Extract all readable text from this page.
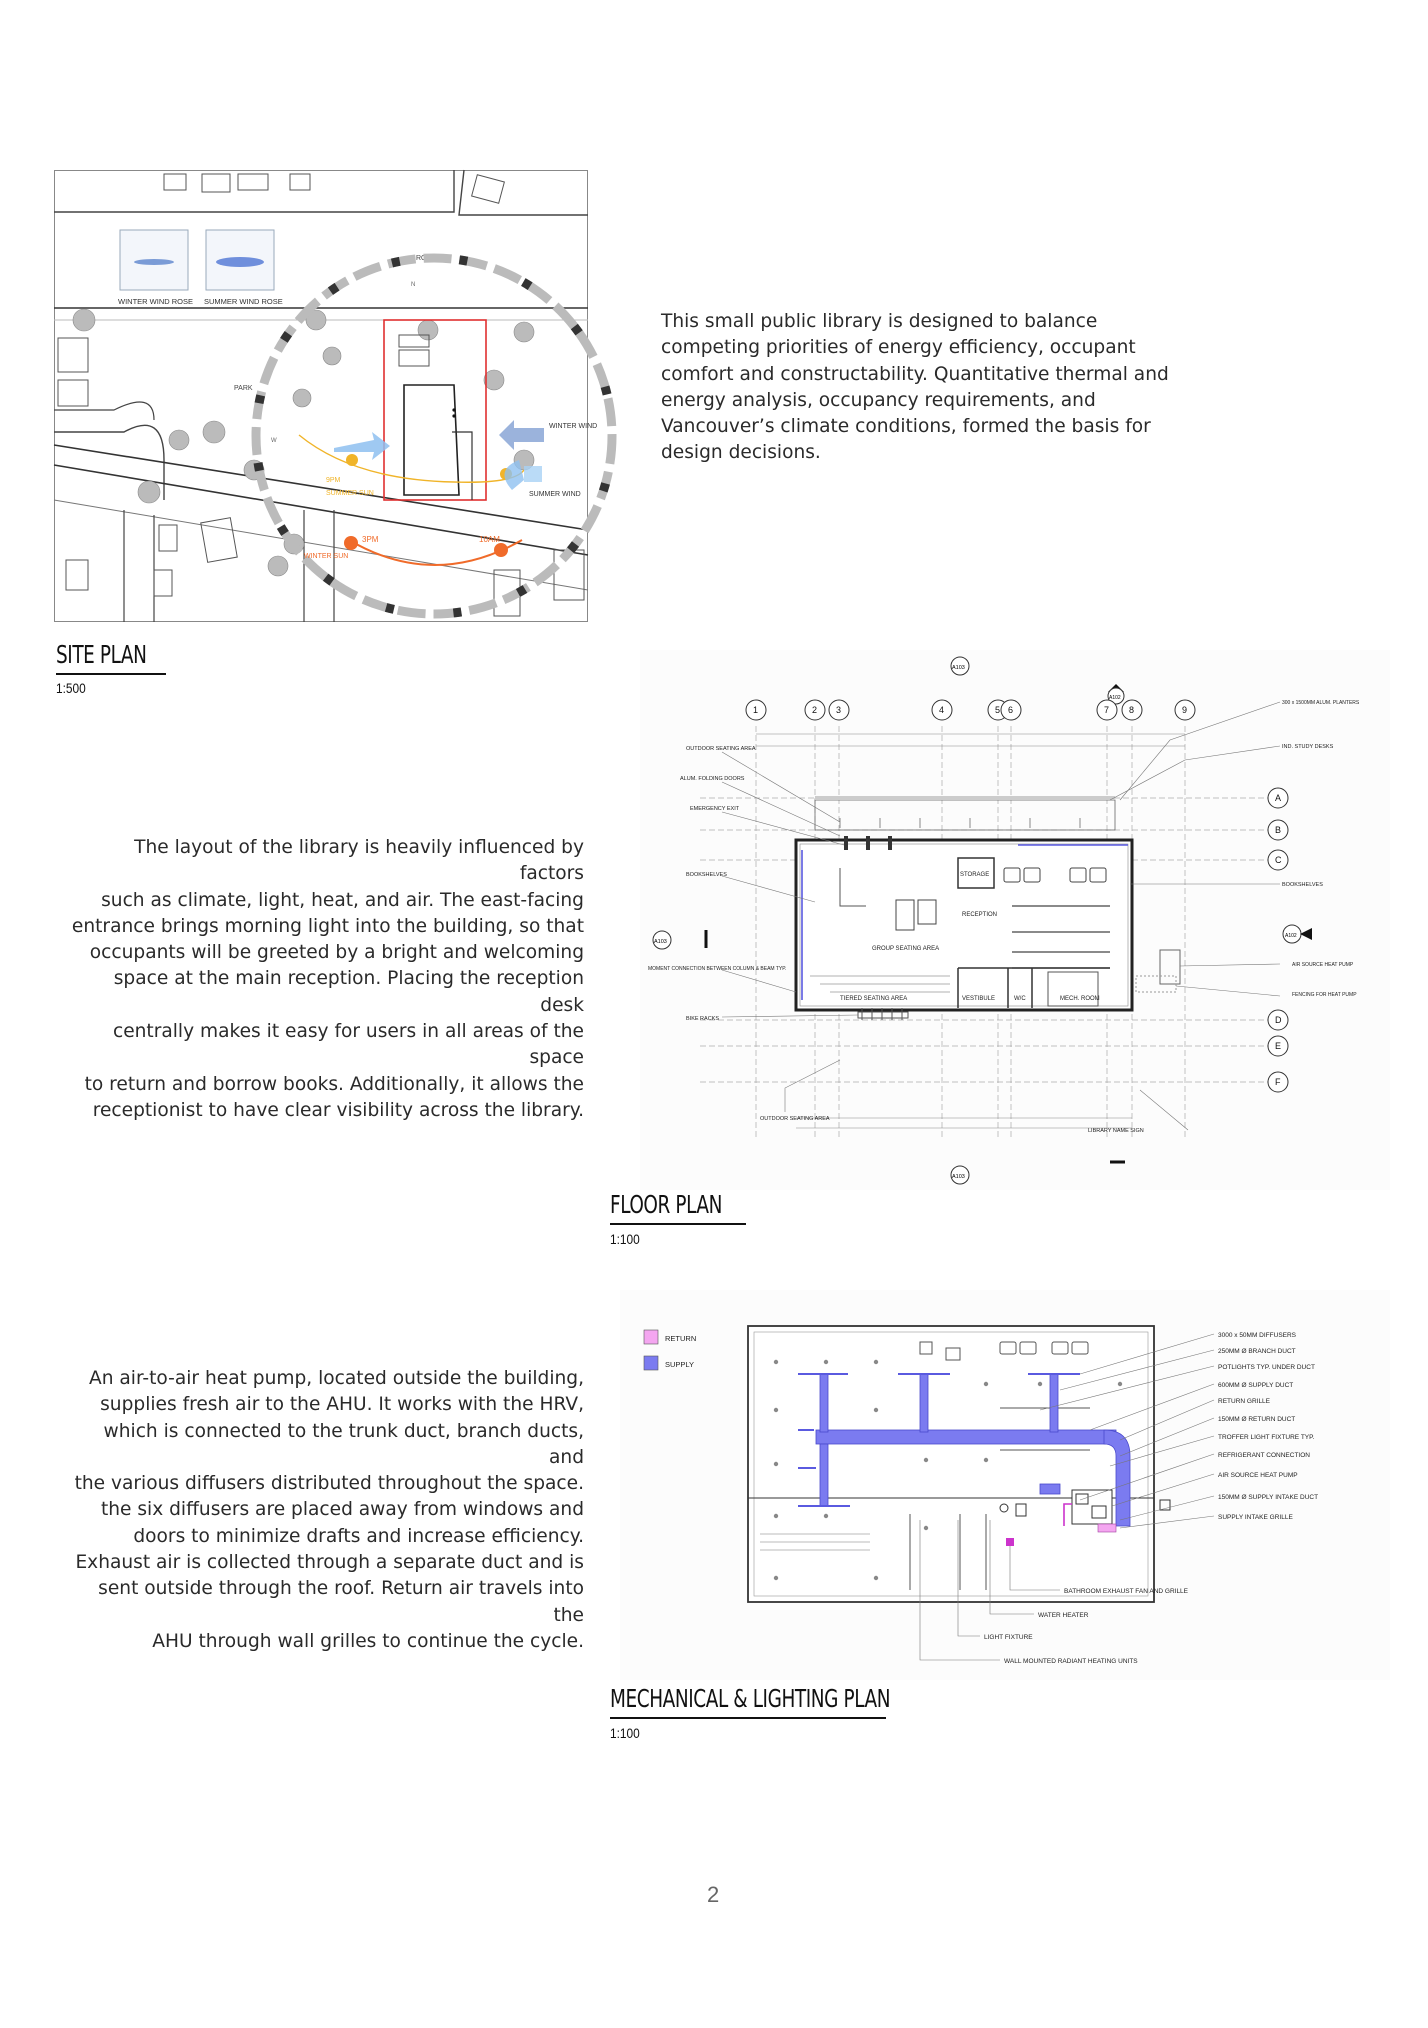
This small public library is designed to balance
competing priorities of energy efficiency, occupant
comfort and constructability. Quantitative thermal and
energy analysis, occupancy requirements, and
Vancouver’s climate conditions, formed the basis for
design decisions.
WINTER WIND ROSE SUMMER WIND ROSE
ROAD
N
PARK
W
9PM
SUMMER SUN
3PM	10AM
WINTER SUN
WINTER WIND
SUMMER WIND
SITE PLAN
1:500
The layout of the library is heavily influenced by factors
such as climate, light, heat, and air. The east-facing
entrance brings morning light into the building, so that
occupants will be greeted by a bright and welcoming
space at the main reception. Placing the reception desk
centrally makes it easy for users in all areas of the space
to return and borrow books. Additionally, it allows the
receptionist to have clear visibility across the library.
A103
A102
A103
A102
A103
1	2 3	4	5 6	7 8	9
A
B
C
D
E
F
STORAGE
RECEPTION
GROUP SEATING AREA
TIERED SEATING AREA	VESTIBULE	W/C	MECH. ROOM
OUTDOOR SEATING AREA
ALUM. FOLDING DOORS
EMERGENCY EXIT
BOOKSHELVES
MOMENT CONNECTION BETWEEN COLUMN & BEAM TYP.
BIKE RACKS
OUTDOOR SEATING AREA
300 x 1500MM ALUM. PLANTERS
IND. STUDY DESKS
BOOKSHELVES
AIR SOURCE HEAT PUMP
FENCING FOR HEAT PUMP
LIBRARY NAME SIGN
FLOOR PLAN
1:100
An air-to-air heat pump, located outside the building,
supplies fresh air to the AHU. It works with the HRV,
which is connected to the trunk duct, branch ducts, and
the various diffusers distributed throughout the space.
the six diffusers are placed away from windows and
doors to minimize drafts and increase efficiency.
Exhaust air is collected through a separate duct and is
sent outside through the roof. Return air travels into the
AHU through wall grilles to continue the cycle.
RETURN
SUPPLY
3000 x 50MM DIFFUSERS
250MM Ø BRANCH DUCT
POTLIGHTS TYP. UNDER DUCT
600MM Ø SUPPLY DUCT
RETURN GRILLE
150MM Ø RETURN DUCT
TROFFER LIGHT FIXTURE TYP.
REFRIGERANT CONNECTION
AIR SOURCE HEAT PUMP
150MM Ø SUPPLY INTAKE DUCT
SUPPLY INTAKE GRILLE
BATHROOM EXHAUST FAN AND GRILLE
WATER HEATER
LIGHT FIXTURE
WALL MOUNTED RADIANT HEATING UNITS
MECHANICAL & LIGHTING PLAN
1:100
2
